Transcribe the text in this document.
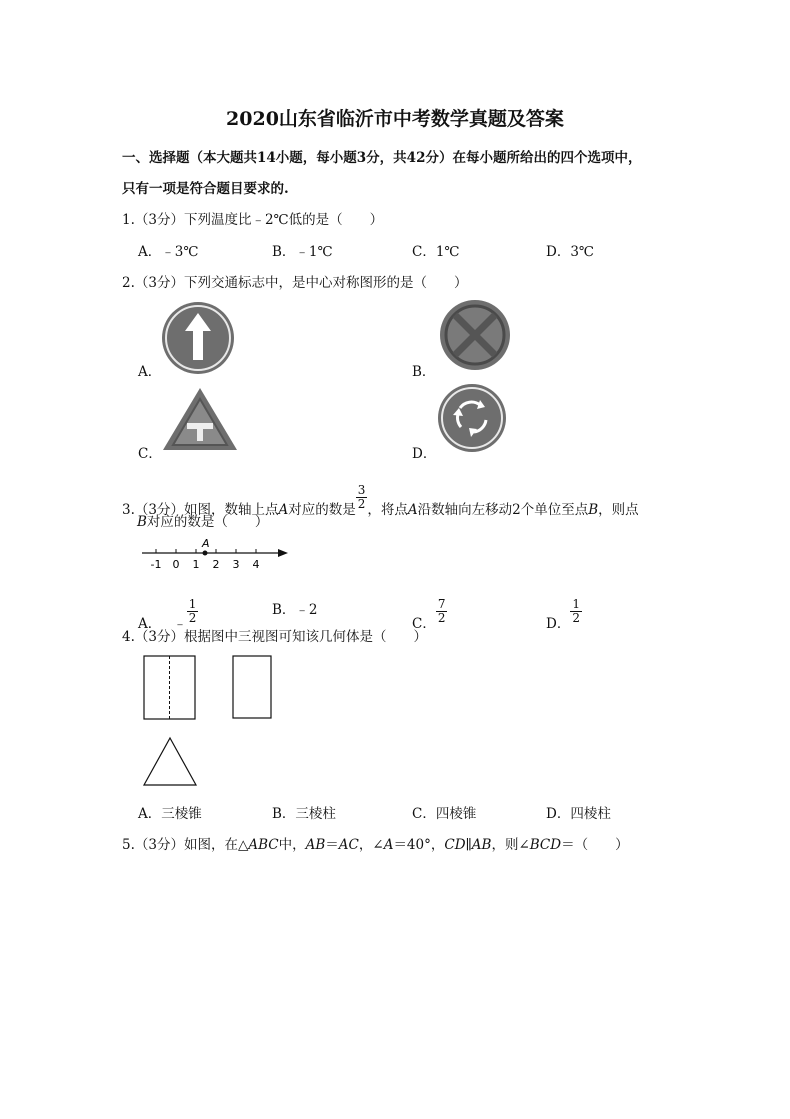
2020山东省临沂市中考数学真题及答案
一、选择题（本大题共14小题，每小题3分，共42分）在每小题所给出的四个选项中，
只有一项是符合题目要求的.
1.（3分）下列温度比﹣2℃低的是（　　）
A．﹣3℃	B．﹣1℃	C．1℃	D．3℃
2.（3分）下列交通标志中，是中心对称图形的是（　　）
A．	B．
C．	D．
3.（3分）如图，数轴上点A对应的数是 $\frac{3}{2}$ ，将点A沿数轴向左移动2个单位至点B，则点
B对应的数是（　　）
-1 0 1 2 3 4
A
A． ﹣ $\frac{1}{2}$	B．﹣2
C． $\frac{7}{2}$	D． $\frac{1}{2}$
4.（3分）根据图中三视图可知该几何体是（　　）
A．三棱锥	B．三棱柱	C．四棱锥	D．四棱柱
5.（3分）如图，在△ABC中，AB＝AC，∠A＝40°，CD∥AB，则∠BCD＝（　　）
